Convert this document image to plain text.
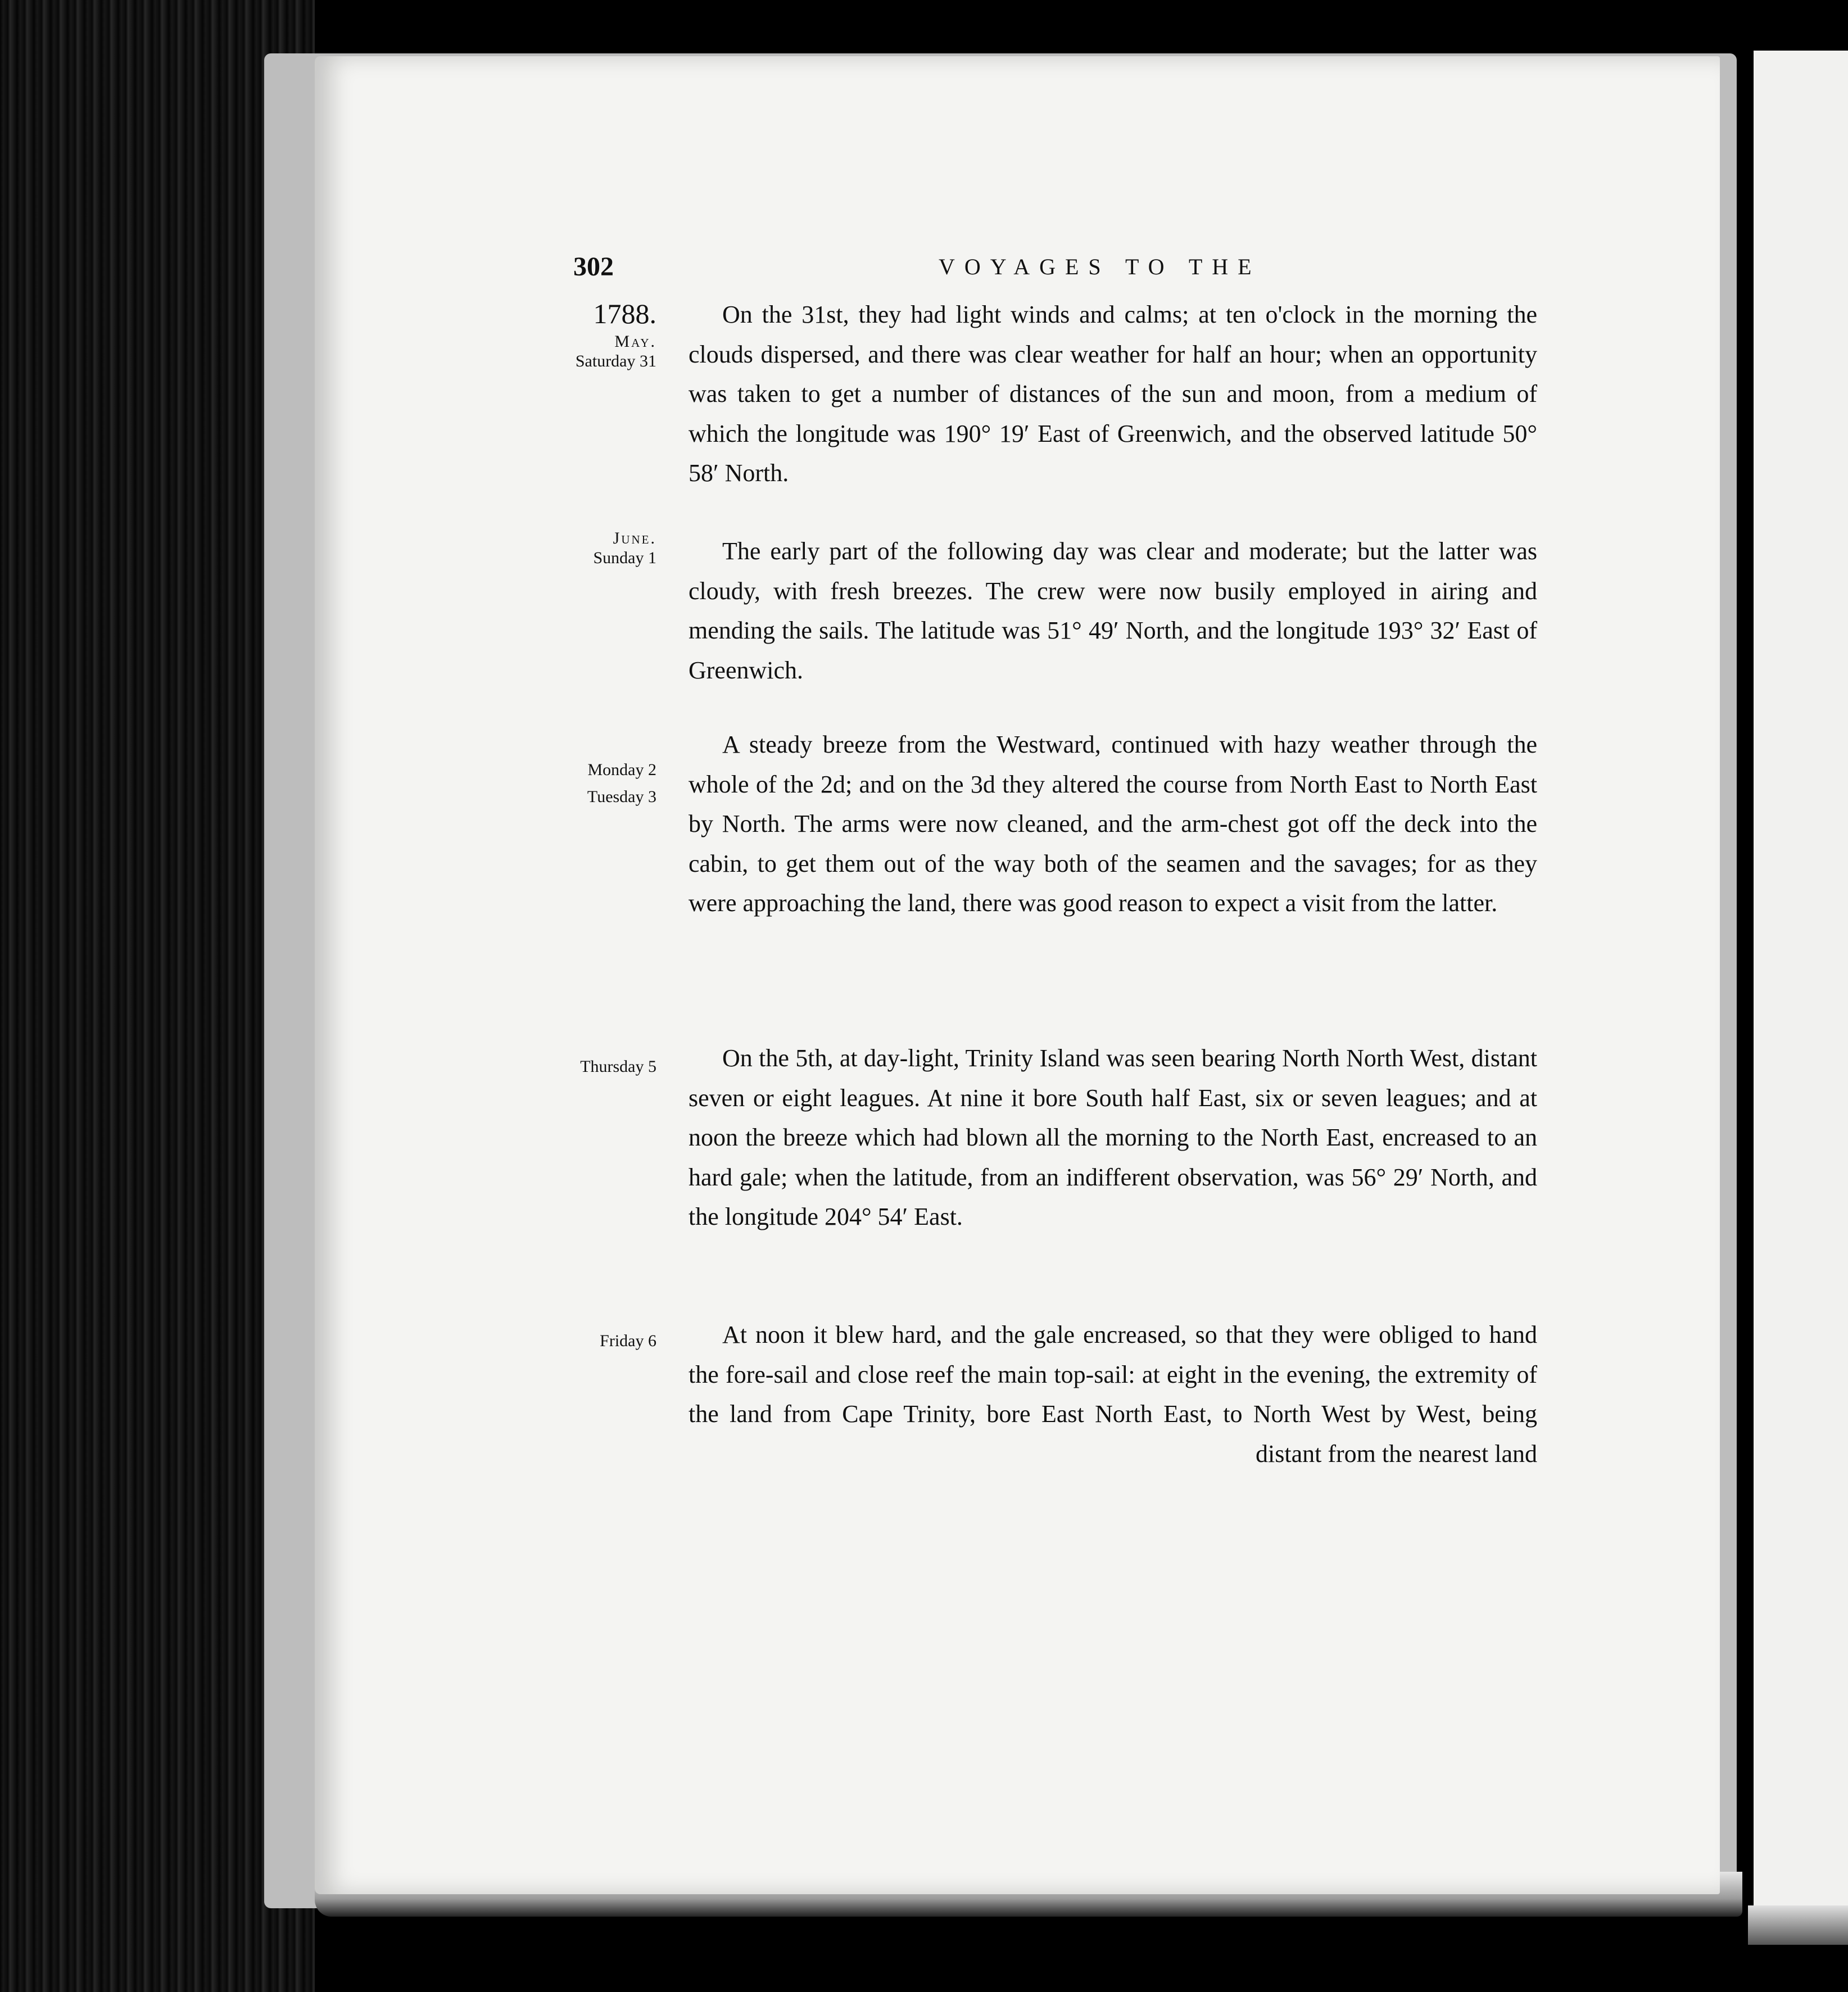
302	VOYAGES TO THE
1788.
May.
Saturday 31
June.
Sunday 1
Monday 2
Tuesday 3
Thursday 5
Friday 6

On the 31st, they had light winds and calms; at ten o'clock in the morning the clouds dispersed, and there was clear weather for half an hour; when an opportunity was taken to get a number of distances of the sun and moon, from a medium of which the longitude was 190° 19′ East of Greenwich, and the observed latitude 50° 58′ North.

The early part of the following day was clear and moderate; but the latter was cloudy, with fresh breezes. The crew were now busily employed in airing and mending the sails. The latitude was 51° 49′ North, and the longitude 193° 32′ East of Greenwich.

A steady breeze from the Westward, continued with hazy weather through the whole of the 2d; and on the 3d they altered the course from North East to North East by North. The arms were now cleaned, and the arm-chest got off the deck into the cabin, to get them out of the way both of the seamen and the savages; for as they were approaching the land, there was good reason to expect a visit from the latter.

On the 5th, at day-light, Trinity Island was seen bearing North North West, distant seven or eight leagues. At nine it bore South half East, six or seven leagues; and at noon the breeze which had blown all the morning to the North East, encreased to an hard gale; when the latitude, from an indifferent observation, was 56° 29′ North, and the longitude 204° 54′ East.

At noon it blew hard, and the gale encreased, so that they were obliged to hand the fore-sail and close reef the main top-sail: at eight in the evening, the extremity of the land from Cape Trinity, bore East North East, to North West by West, being distant from the nearest land
